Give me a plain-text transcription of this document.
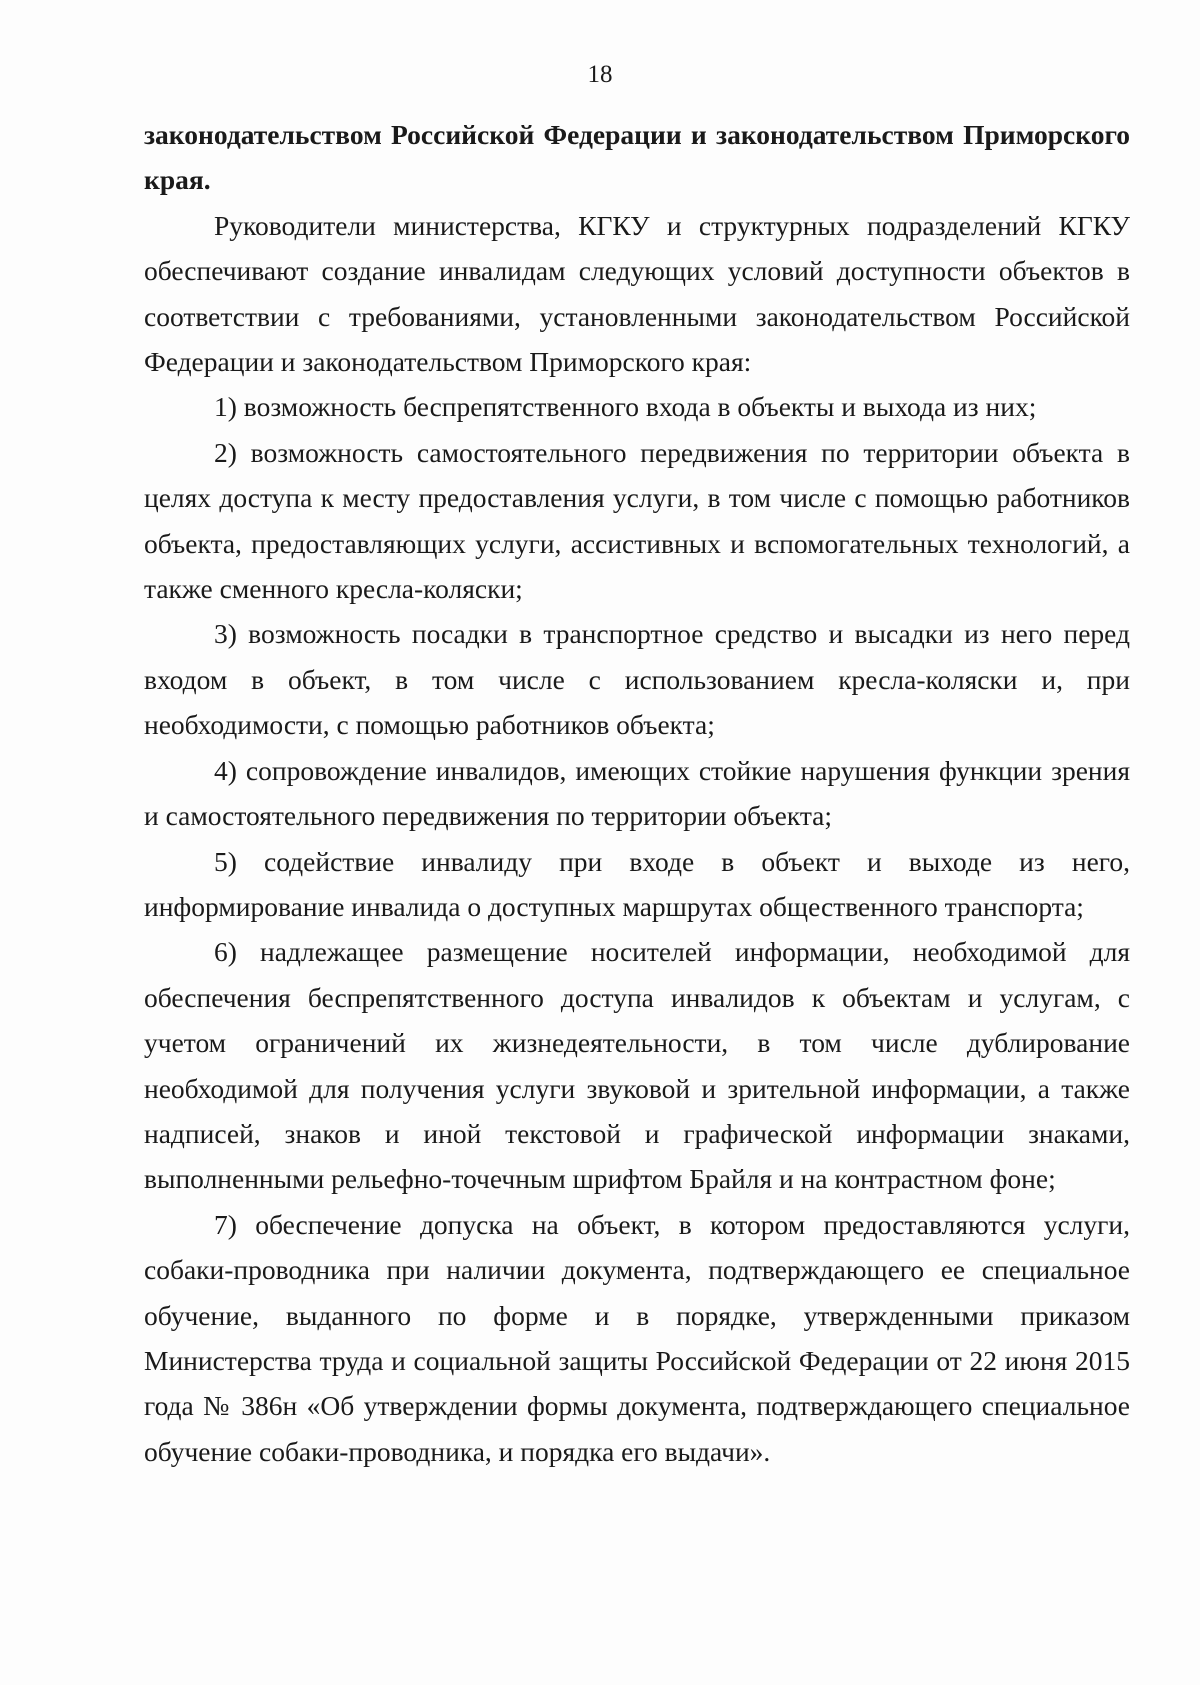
18

законодательством Российской Федерации и законодательством Приморского края.

Руководители министерства, КГКУ и структурных подразделений КГКУ обеспечивают создание инвалидам следующих условий доступности объектов в соответствии с требованиями, установленными законодательством Российской Федерации и законодательством Приморского края:

1) возможность беспрепятственного входа в объекты и выхода из них;

2) возможность самостоятельного передвижения по территории объекта в целях доступа к месту предоставления услуги, в том числе с помощью работников объекта, предоставляющих услуги, ассистивных и вспомогательных технологий, а также сменного кресла-коляски;

3) возможность посадки в транспортное средство и высадки из него перед входом в объект, в том числе с использованием кресла-коляски и, при необходимости, с помощью работников объекта;

4) сопровождение инвалидов, имеющих стойкие нарушения функции зрения и самостоятельного передвижения по территории объекта;

5) содействие инвалиду при входе в объект и выходе из него, информирование инвалида о доступных маршрутах общественного транспорта;

6) надлежащее размещение носителей информации, необходимой для обеспечения беспрепятственного доступа инвалидов к объектам и услугам, с учетом ограничений их жизнедеятельности, в том числе дублирование необходимой для получения услуги звуковой и зрительной информации, а также надписей, знаков и иной текстовой и графической информации знаками, выполненными рельефно-точечным шрифтом Брайля и на контрастном фоне;

7) обеспечение допуска на объект, в котором предоставляются услуги, собаки-проводника при наличии документа, подтверждающего ее специальное обучение, выданного по форме и в порядке, утвержденными приказом Министерства труда и социальной защиты Российской Федерации от 22 июня 2015 года № 386н «Об утверждении формы документа, подтверждающего специальное обучение собаки-проводника, и порядка его выдачи».
